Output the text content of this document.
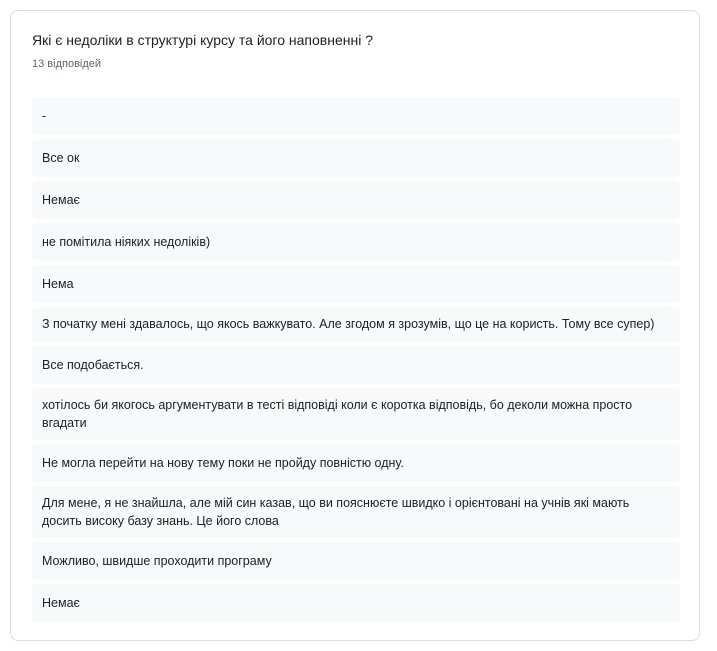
Які є недоліки в структурі курсу та його наповненні ?
13 відповідей
-
Все ок
Немає
не помітила ніяких недоліків)
Нема
З початку мені здавалось, що якось важкувато. Але згодом я зрозумів, що це на користь. Тому все супер)
Все подобається.
хотілось би якогось аргументувати в тесті відповіді коли є коротка відповідь, бо деколи можна просто вгадати
Не могла перейти на нову тему поки не пройду повністю одну.
Для мене, я не знайшла, але мій син казав, що ви пояснюєте швидко і орієнтовані на учнів які мають досить високу базу знань. Це його слова
Можливо, швидше проходити програму
Немає
